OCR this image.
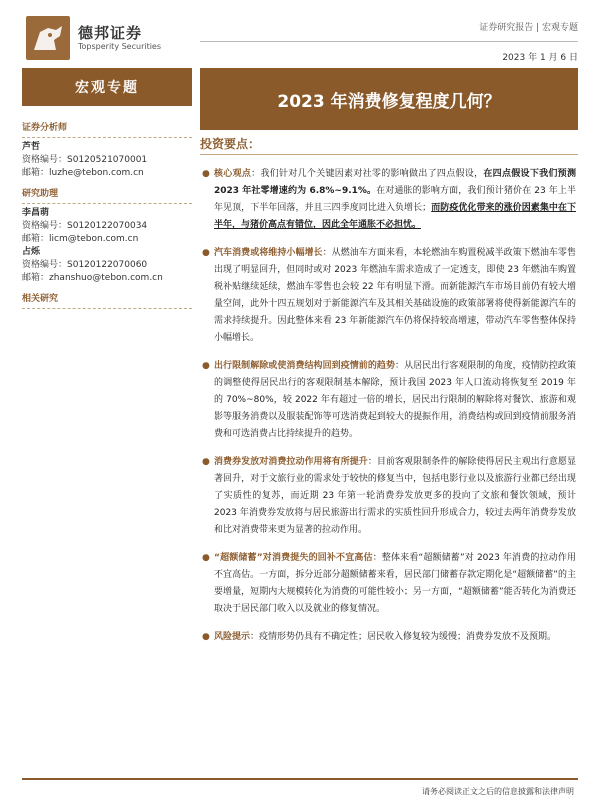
德邦证券
Topsperity Securities
证券研究报告 | 宏观专题
2023 年 1 月 6 日
宏观专题
2023 年消费修复程度几何？
证券分析师
芦哲
资格编号：S0120521070001
邮箱：luzhe@tebon.com.cn
研究助理
李昌萌
资格编号：S0120122070034
邮箱：licm@tebon.com.cn
占烁
资格编号：S0120122070060
邮箱：zhanshuo@tebon.com.cn
相关研究
投资要点：
● 核心观点：我们针对几个关键因素对社零的影响做出了四点假设，在四点假设下我们预测 2023 年社零增速约为 6.8%~9.1%。在对通胀的影响方面，我们预计猪价在 23 年上半年见顶，下半年回落，并且三四季度同比进入负增长；而防疫优化带来的涨价因素集中在下半年，与猪价高点有错位，因此全年通胀不必担忧。
● 汽车消费或将维持小幅增长：从燃油车方面来看，本轮燃油车购置税减半政策下燃油车零售出现了明显回升，但同时或对 2023 年燃油车需求造成了一定透支，即使 23 年燃油车购置税补贴继续延续，燃油车零售也会较 22 年有明显下滑。而新能源汽车市场目前仍有较大增量空间，此外十四五规划对于新能源汽车及其相关基础设施的政策部署将使得新能源汽车的需求持续提升。因此整体来看 23 年新能源汽车仍将保持较高增速，带动汽车零售整体保持小幅增长。
● 出行限制解除或使消费结构回到疫情前的趋势：从居民出行客观限制的角度，疫情防控政策的调整使得居民出行的客观限制基本解除，预计我国 2023 年人口流动将恢复至 2019 年的 70%~80%，较 2022 年有超过一倍的增长，居民出行限制的解除将对餐饮、旅游和观影等服务消费以及服装配饰等可选消费起到较大的提振作用，消费结构或回到疫情前服务消费和可选消费占比持续提升的趋势。
● 消费券发放对消费拉动作用将有所提升：目前客观限制条件的解除使得居民主观出行意愿显著回升，对于文旅行业的需求处于较快的修复当中，包括电影行业以及旅游行业都已经出现了实质性的复苏，而近期 23 年第一轮消费券发放更多的投向了文旅和餐饮领域，预计 2023 年消费券发放将与居民旅游出行需求的实质性回升形成合力，较过去两年消费券发放和比对消费带来更为显著的拉动作用。
● “超额储蓄”对消费提失的回补不宜高估：整体来看“超额储蓄”对 2023 年消费的拉动作用不宜高估。一方面，拆分近部分超额储蓄来看，居民部门储蓄存款定期化是“超额储蓄”的主要增量，短期内大规模转化为消费的可能性较小；另一方面，“超额储蓄”能否转化为消费还取决于居民部门收入以及就业的修复情况。
● 风险提示：疫情形势仍具有不确定性；居民收入修复较为缓慢；消费券发放不及预期。
请务必阅读正文之后的信息披露和法律声明
